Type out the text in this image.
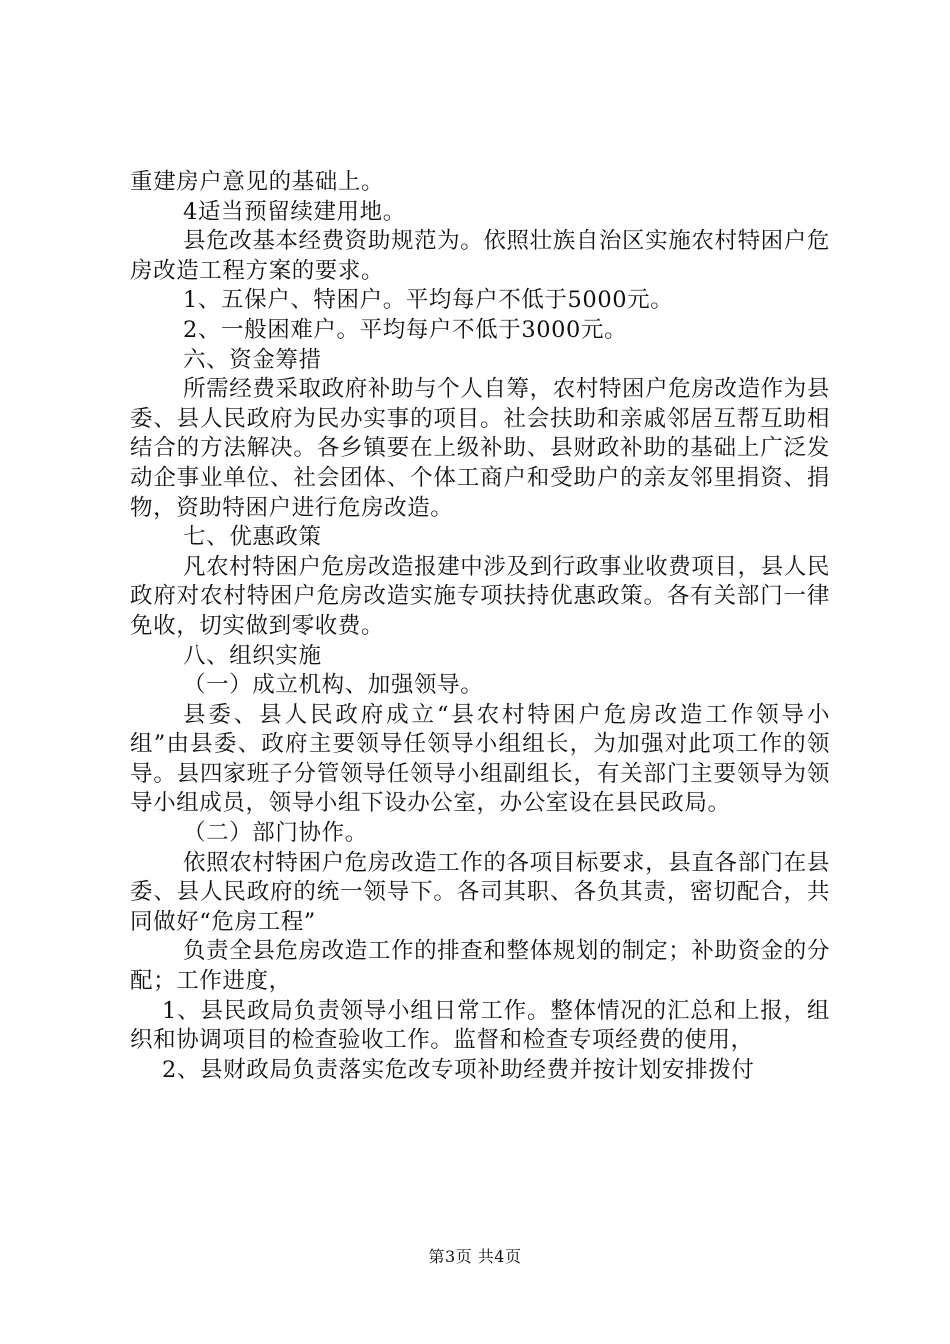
重建房户意见的基础上。

4适当预留续建用地。

县危改基本经费资助规范为。依照壮族自治区实施农村特困户危房改造工程方案的要求。

1、五保户、特困户。平均每户不低于5000元。

2、一般困难户。平均每户不低于3000元。

六、资金筹措

所需经费采取政府补助与个人自筹，农村特困户危房改造作为县委、县人民政府为民办实事的项目。社会扶助和亲戚邻居互帮互助相结合的方法解决。各乡镇要在上级补助、县财政补助的基础上广泛发动企事业单位、社会团体、个体工商户和受助户的亲友邻里捐资、捐物，资助特困户进行危房改造。

七、优惠政策

凡农村特困户危房改造报建中涉及到行政事业收费项目，县人民政府对农村特困户危房改造实施专项扶持优惠政策。各有关部门一律免收，切实做到零收费。

八、组织实施

（一）成立机构、加强领导。

县委、县人民政府成立“县农村特困户危房改造工作领导小组”由县委、政府主要领导任领导小组组长，为加强对此项工作的领导。县四家班子分管领导任领导小组副组长，有关部门主要领导为领导小组成员，领导小组下设办公室，办公室设在县民政局。

（二）部门协作。

依照农村特困户危房改造工作的各项目标要求，县直各部门在县委、县人民政府的统一领导下。各司其职、各负其责，密切配合，共同做好“危房工程”

负责全县危房改造工作的排查和整体规划的制定；补助资金的分配；工作进度，

1、县民政局负责领导小组日常工作。整体情况的汇总和上报，组织和协调项目的检查验收工作。监督和检查专项经费的使用，

2、县财政局负责落实危改专项补助经费并按计划安排拨付

第3页 共4页
